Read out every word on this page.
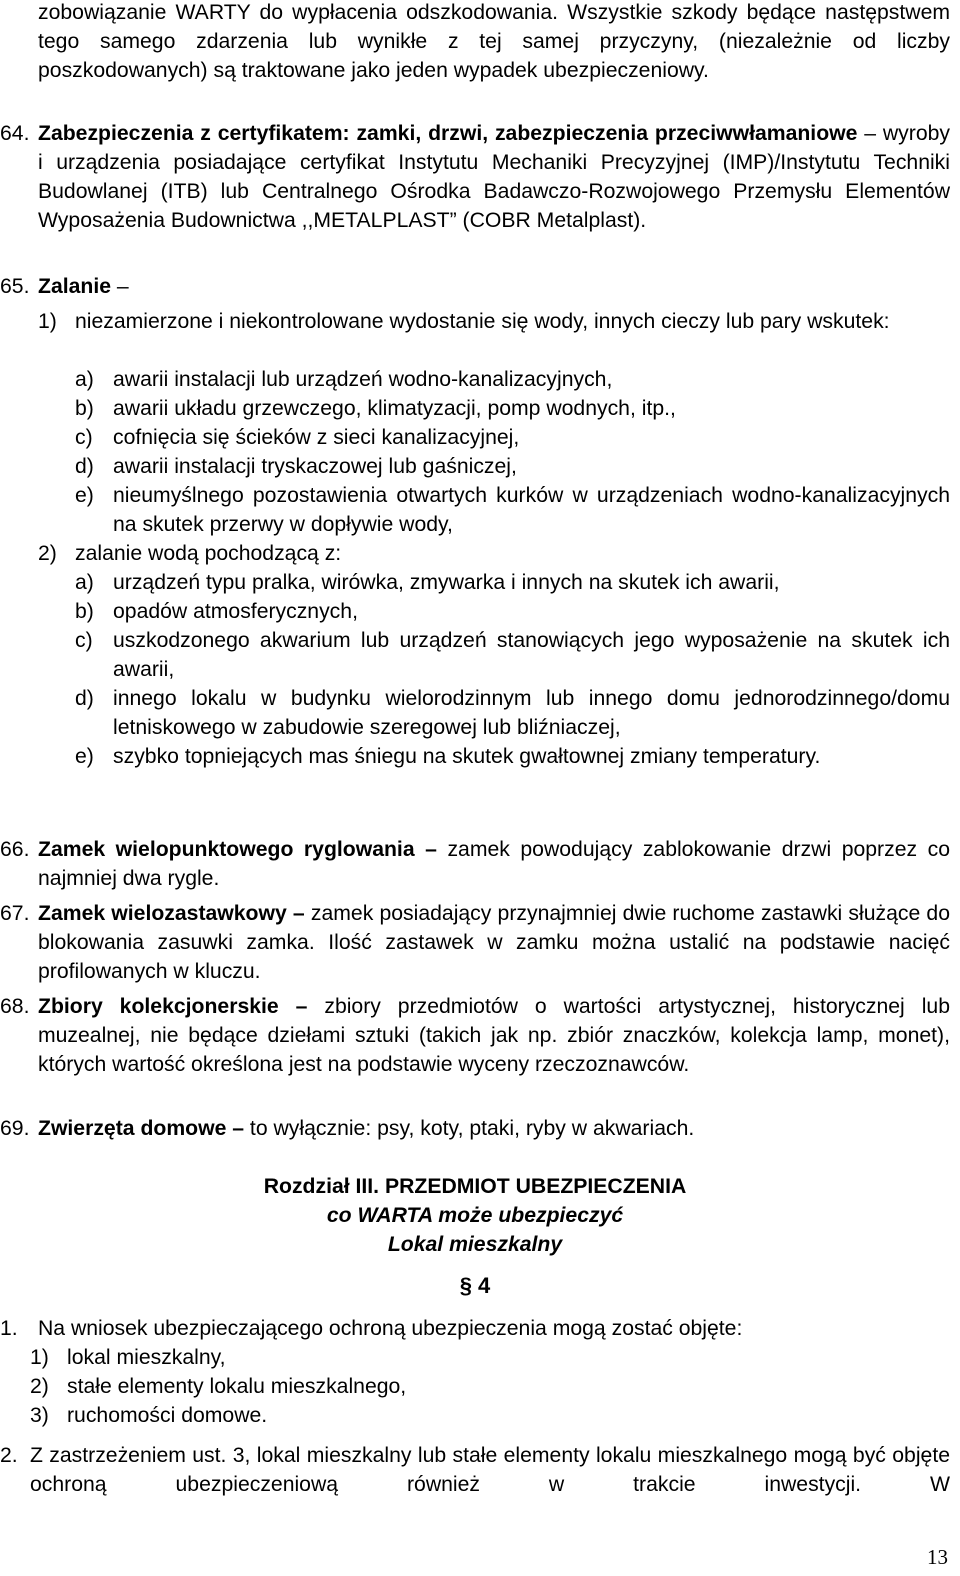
zobowiązanie WARTY do wypłacenia odszkodowania. Wszystkie szkody będące następstwem tego samego zdarzenia lub wynikłe z tej samej przyczyny, (niezależnie od liczby poszkodowanych) są traktowane jako jeden wypadek ubezpieczeniowy.

64. Zabezpieczenia z certyfikatem: zamki, drzwi, zabezpieczenia przeciwwłamaniowe – wyroby i urządzenia posiadające certyfikat Instytutu Mechaniki Precyzyjnej (IMP)/Instytutu Techniki Budowlanej (ITB) lub Centralnego Ośrodka Badawczo-Rozwojowego Przemysłu Elementów Wyposażenia Budownictwa ,,METALPLAST” (COBR Metalplast).

65. Zalanie –

1) niezamierzone i niekontrolowane wydostanie się wody, innych cieczy lub pary wskutek:

a) awarii instalacji lub urządzeń wodno-kanalizacyjnych,

b) awarii układu grzewczego, klimatyzacji, pomp wodnych, itp.,

c) cofnięcia się ścieków z sieci kanalizacyjnej,

d) awarii instalacji tryskaczowej lub gaśniczej,

e) nieumyślnego pozostawienia otwartych kurków w urządzeniach wodno-kanalizacyjnych na skutek przerwy w dopływie wody,

2) zalanie wodą pochodzącą z:

a) urządzeń typu pralka, wirówka, zmywarka i innych na skutek ich awarii,

b) opadów atmosferycznych,

c) uszkodzonego akwarium lub urządzeń stanowiących jego wyposażenie na skutek ich awarii,

d) innego lokalu w budynku wielorodzinnym lub innego domu jednorodzinnego/domu letniskowego w zabudowie szeregowej lub bliźniaczej,

e) szybko topniejących mas śniegu na skutek gwałtownej zmiany temperatury.

66. Zamek wielopunktowego ryglowania – zamek powodujący zablokowanie drzwi poprzez co najmniej dwa rygle.

67. Zamek wielozastawkowy – zamek posiadający przynajmniej dwie ruchome zastawki służące do blokowania zasuwki zamka. Ilość zastawek w zamku można ustalić na podstawie nacięć profilowanych w kluczu.

68. Zbiory kolekcjonerskie – zbiory przedmiotów o wartości artystycznej, historycznej lub muzealnej, nie będące dziełami sztuki (takich jak np. zbiór znaczków, kolekcja lamp, monet), których wartość określona jest na podstawie wyceny rzeczoznawców.

69. Zwierzęta domowe – to wyłącznie: psy, koty, ptaki, ryby w akwariach.

Rozdział III. PRZEDMIOT UBEZPIECZENIA

co WARTA może ubezpieczyć

Lokal mieszkalny

§ 4

1. Na wniosek ubezpieczającego ochroną ubezpieczenia mogą zostać objęte:

1) lokal mieszkalny,

2) stałe elementy lokalu mieszkalnego,

3) ruchomości domowe.

2. Z zastrzeżeniem ust. 3, lokal mieszkalny lub stałe elementy lokalu mieszkalnego mogą być objęte ochroną ubezpieczeniową również w trakcie inwestycji. W

13
